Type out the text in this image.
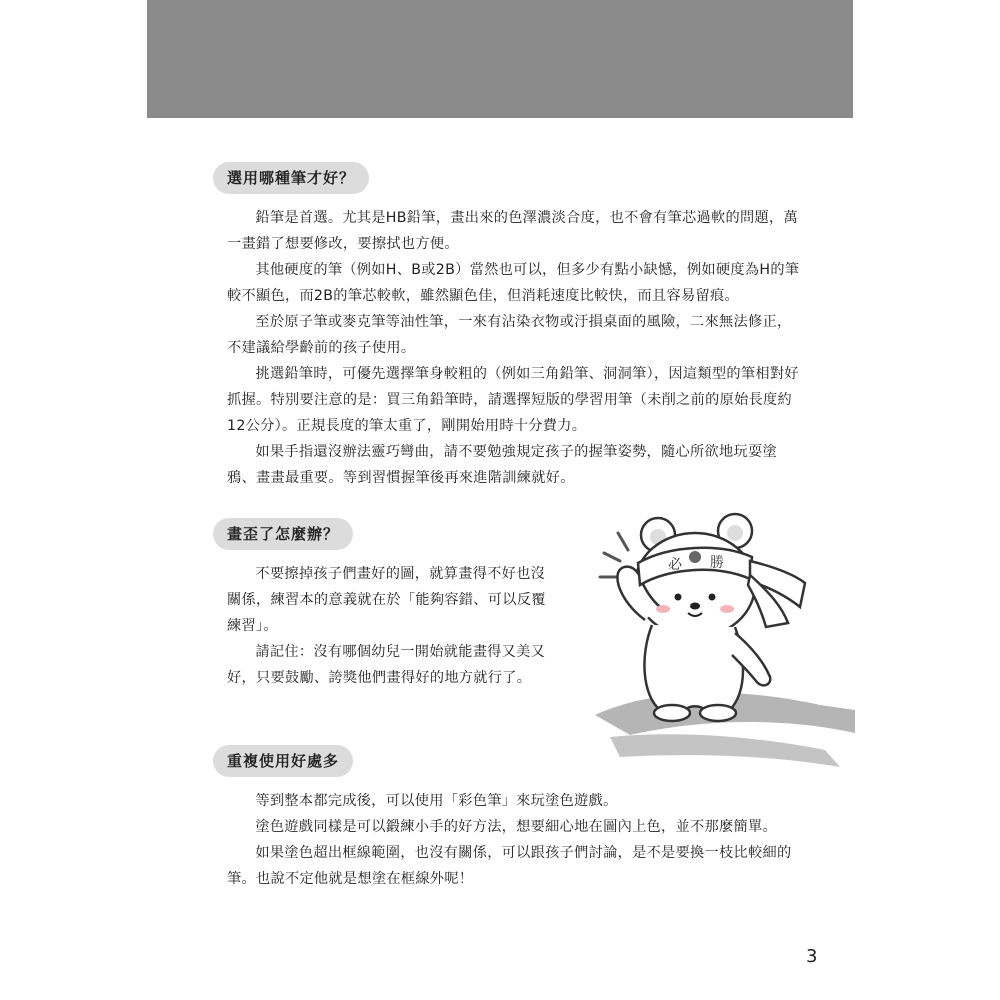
選用哪種筆才好？

鉛筆是首選。尤其是HB鉛筆，畫出來的色澤濃淡合度，也不會有筆芯過軟的問題，萬一畫錯了想要修改，要擦拭也方便。

其他硬度的筆（例如H、B或2B）當然也可以，但多少有點小缺憾，例如硬度為H的筆較不顯色，而2B的筆芯較軟，雖然顯色佳，但消耗速度比較快，而且容易留痕。

至於原子筆或麥克筆等油性筆，一來有沾染衣物或汙損桌面的風險，二來無法修正，不建議給學齡前的孩子使用。

挑選鉛筆時，可優先選擇筆身較粗的（例如三角鉛筆、洞洞筆），因這類型的筆相對好抓握。特別要注意的是：買三角鉛筆時，請選擇短版的學習用筆（未削之前的原始長度約12公分）。正規長度的筆太重了，剛開始用時十分費力。

如果手指還沒辦法靈巧彎曲，請不要勉強規定孩子的握筆姿勢，隨心所欲地玩耍塗鴉、畫畫最重要。等到習慣握筆後再來進階訓練就好。

畫歪了怎麼辦？

不要擦掉孩子們畫好的圖，就算畫得不好也沒關係，練習本的意義就在於「能夠容錯、可以反覆練習」。

請記住：沒有哪個幼兒一開始就能畫得又美又好，只要鼓勵、誇獎他們畫得好的地方就行了。

必 勝
重複使用好處多

等到整本都完成後，可以使用「彩色筆」來玩塗色遊戲。

塗色遊戲同樣是可以鍛練小手的好方法，想要細心地在圖內上色，並不那麼簡單。

如果塗色超出框線範圍，也沒有關係，可以跟孩子們討論，是不是要換一枝比較細的筆。也說不定他就是想塗在框線外呢！

3
